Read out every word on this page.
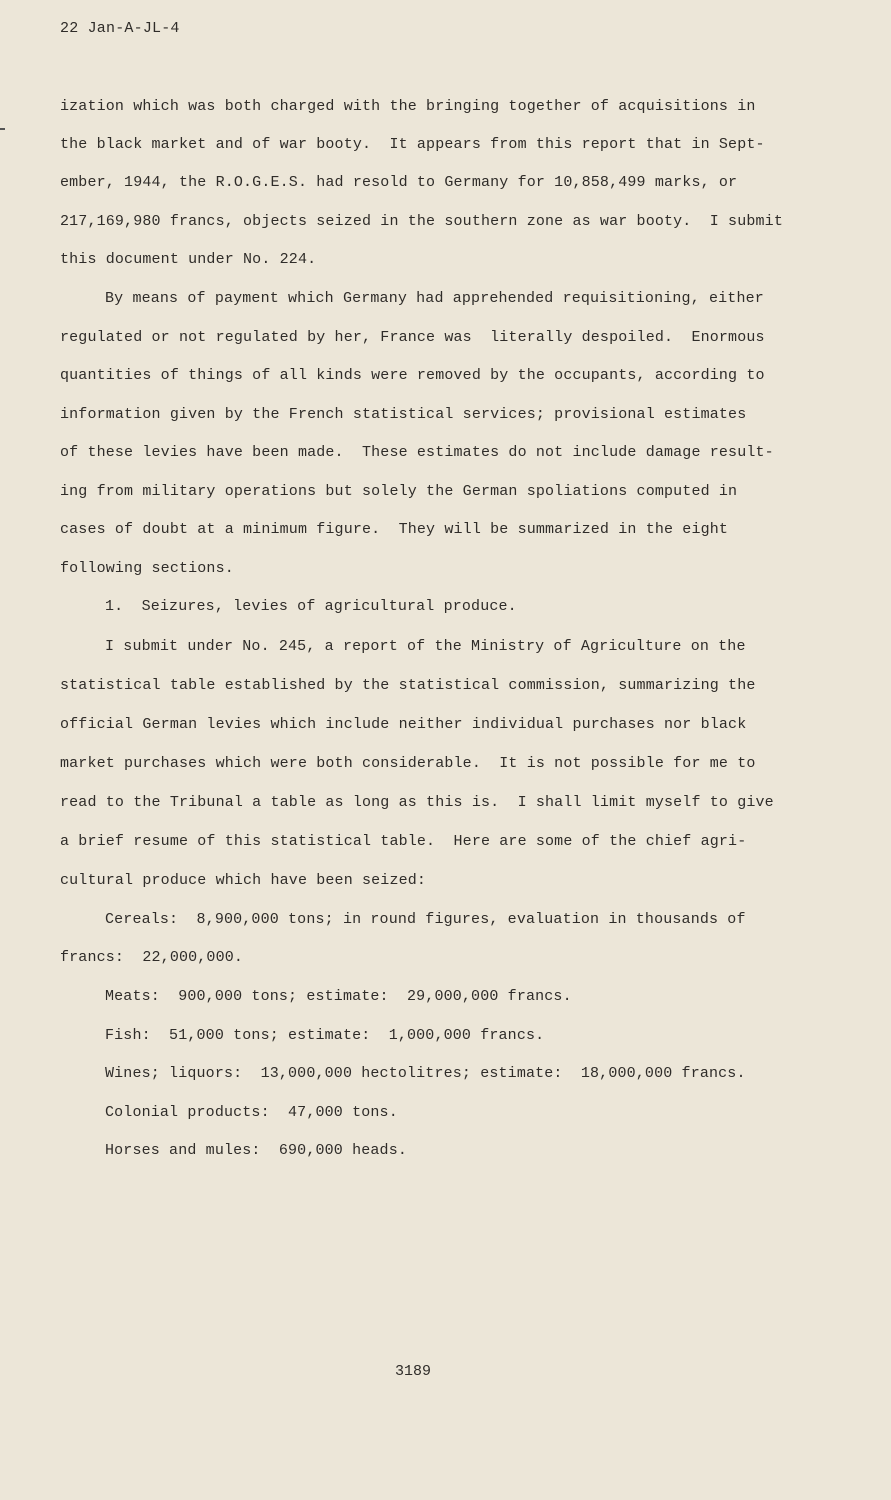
22 Jan-A-JL-4
ization which was both charged with the bringing together of acquisitions in
the black market and of war booty.  It appears from this report that in Sept-
ember, 1944, the R.O.G.E.S. had resold to Germany for 10,858,499 marks, or
217,169,980 francs, objects seized in the southern zone as war booty.  I submit
this document under No. 224.
By means of payment which Germany had apprehended requisitioning, either
regulated or not regulated by her, France was  literally despoiled.  Enormous
quantities of things of all kinds were removed by the occupants, according to
information given by the French statistical services; provisional estimates
of these levies have been made.  These estimates do not include damage result-
ing from military operations but solely the German spoliations computed in
cases of doubt at a minimum figure.  They will be summarized in the eight
following sections.
1.  Seizures, levies of agricultural produce.
I submit under No. 245, a report of the Ministry of Agriculture on the
statistical table established by the statistical commission, summarizing the
official German levies which include neither individual purchases nor black
market purchases which were both considerable.  It is not possible for me to
read to the Tribunal a table as long as this is.  I shall limit myself to give
a brief resume of this statistical table.  Here are some of the chief agri-
cultural produce which have been seized:
Cereals:  8,900,000 tons; in round figures, evaluation in thousands of
francs:  22,000,000.
Meats:  900,000 tons; estimate:  29,000,000 francs.
Fish:  51,000 tons; estimate:  1,000,000 francs.
Wines; liquors:  13,000,000 hectolitres; estimate:  18,000,000 francs.
Colonial products:  47,000 tons.
Horses and mules:  690,000 heads.
3189
